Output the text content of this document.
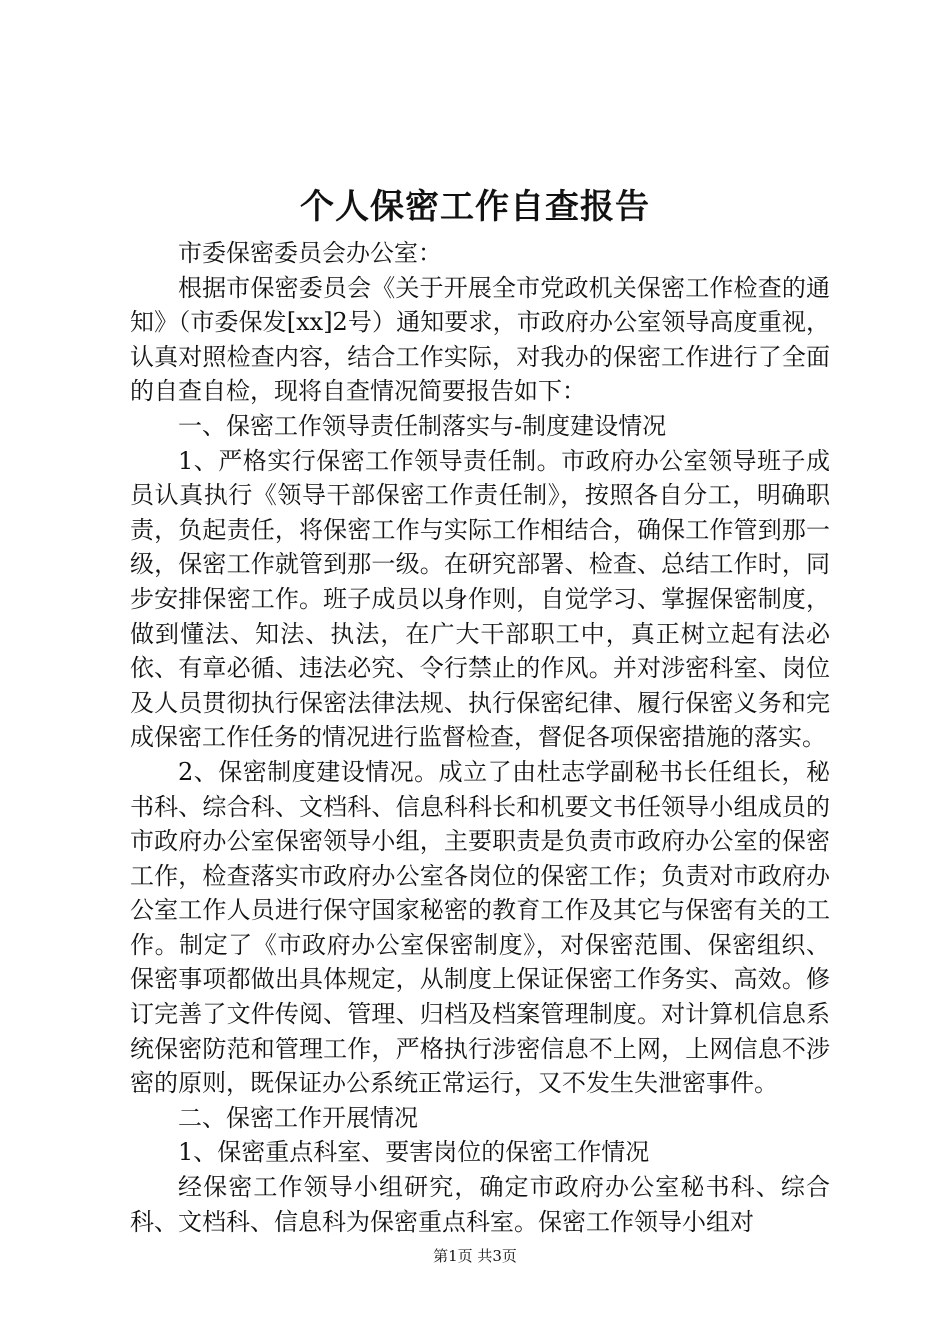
个人保密工作自查报告

市委保密委员会办公室：

根据市保密委员会《关于开展全市党政机关保密工作检查的通知》（市委保发[xx]2号）通知要求，市政府办公室领导高度重视，认真对照检查内容，结合工作实际，对我办的保密工作进行了全面的自查自检，现将自查情况简要报告如下：

一、保密工作领导责任制落实与-制度建设情况

1、严格实行保密工作领导责任制。市政府办公室领导班子成员认真执行《领导干部保密工作责任制》，按照各自分工，明确职责，负起责任，将保密工作与实际工作相结合，确保工作管到那一级，保密工作就管到那一级。在研究部署、检查、总结工作时，同步安排保密工作。班子成员以身作则，自觉学习、掌握保密制度，做到懂法、知法、执法，在广大干部职工中，真正树立起有法必依、有章必循、违法必究、令行禁止的作风。并对涉密科室、岗位及人员贯彻执行保密法律法规、执行保密纪律、履行保密义务和完成保密工作任务的情况进行监督检查，督促各项保密措施的落实。

2、保密制度建设情况。成立了由杜志学副秘书长任组长，秘书科、综合科、文档科、信息科科长和机要文书任领导小组成员的市政府办公室保密领导小组，主要职责是负责市政府办公室的保密工作，检查落实市政府办公室各岗位的保密工作；负责对市政府办公室工作人员进行保守国家秘密的教育工作及其它与保密有关的工作。制定了《市政府办公室保密制度》，对保密范围、保密组织、保密事项都做出具体规定，从制度上保证保密工作务实、高效。修订完善了文件传阅、管理、归档及档案管理制度。对计算机信息系统保密防范和管理工作，严格执行涉密信息不上网，上网信息不涉密的原则，既保证办公系统正常运行，又不发生失泄密事件。

二、保密工作开展情况

1、保密重点科室、要害岗位的保密工作情况

经保密工作领导小组研究，确定市政府办公室秘书科、综合科、文档科、信息科为保密重点科室。保密工作领导小组对

第1页 共3页
